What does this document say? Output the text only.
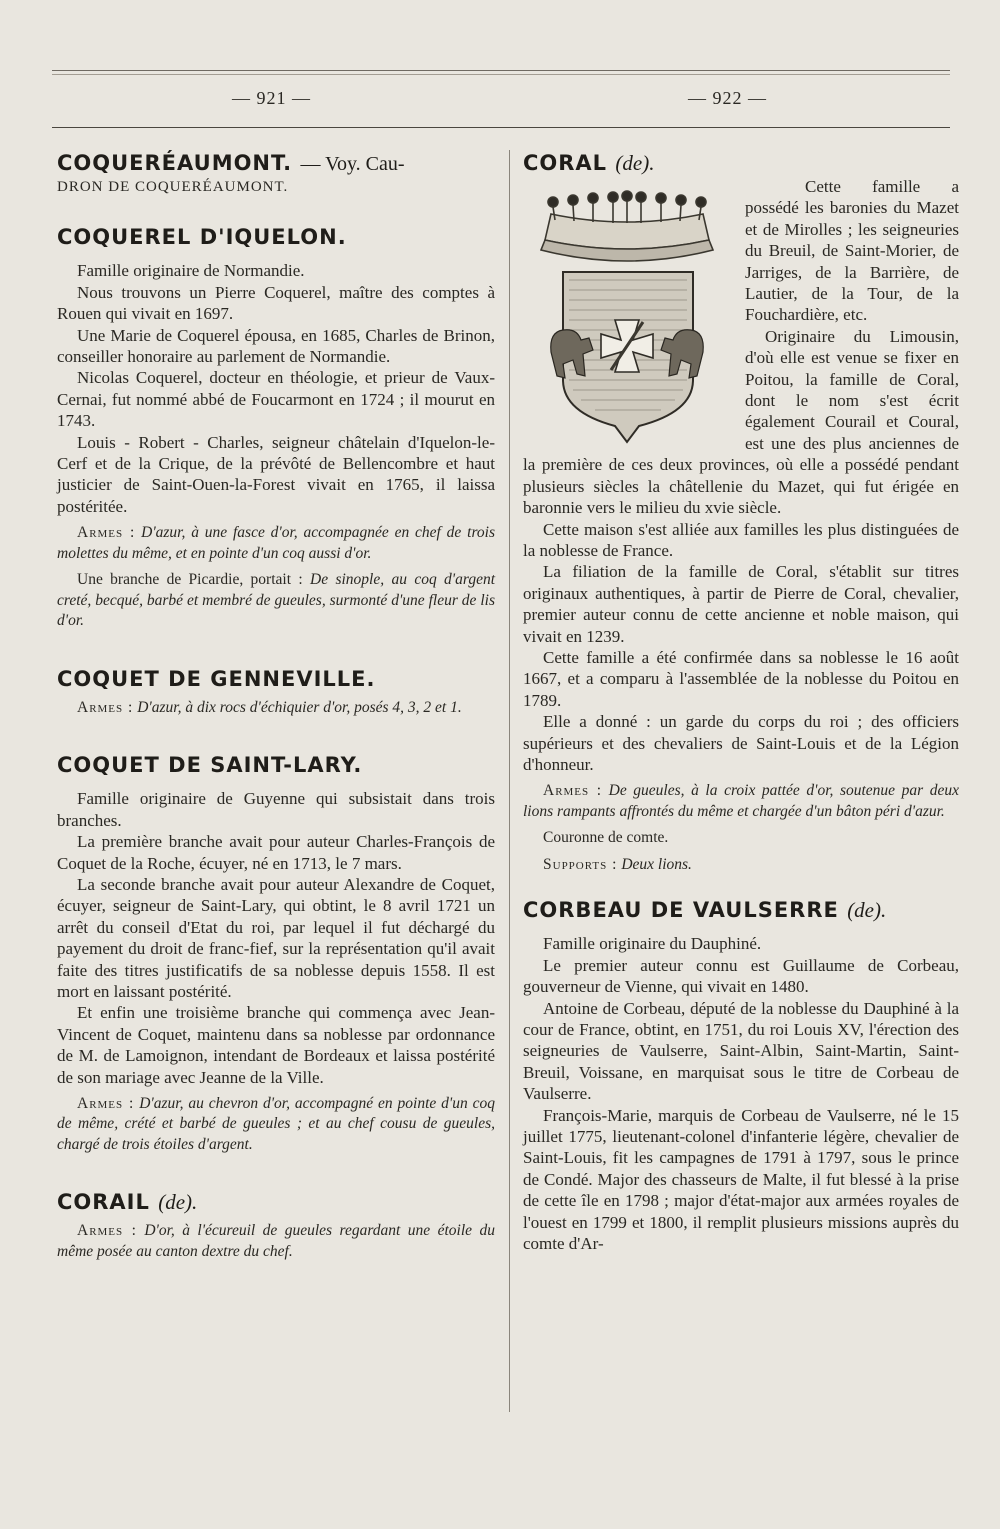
— 921 —	— 922 —
COQUERÉAUMONT. — Voy. Cau-
DRON DE COQUERÉAUMONT.
COQUEREL D'IQUELON.

Famille originaire de Normandie.

Nous trouvons un Pierre Coquerel, maître des comptes à Rouen qui vivait en 1697.

Une Marie de Coquerel épousa, en 1685, Charles de Brinon, conseiller honoraire au parlement de Normandie.

Nicolas Coquerel, docteur en théologie, et prieur de Vaux-Cernai, fut nommé abbé de Foucarmont en 1724 ; il mourut en 1743.

Louis - Robert - Charles, seigneur châtelain d'Iquelon-le-Cerf et de la Crique, de la prévôté de Bellencombre et haut justicier de Saint-Ouen-la-Forest vivait en 1765, il laissa postéritée.

Armes : D'azur, à une fasce d'or, accompagnée en chef de trois molettes du même, et en pointe d'un coq aussi d'or.

Une branche de Picardie, portait : De sinople, au coq d'argent creté, becqué, barbé et membré de gueules, surmonté d'une fleur de lis d'or.

COQUET DE GENNEVILLE.
Armes : D'azur, à dix rocs d'échiquier d'or, posés 4, 3, 2 et 1.
COQUET DE SAINT-LARY.

Famille originaire de Guyenne qui subsistait dans trois branches.

La première branche avait pour auteur Charles-François de Coquet de la Roche, écuyer, né en 1713, le 7 mars.

La seconde branche avait pour auteur Alexandre de Coquet, écuyer, seigneur de Saint-Lary, qui obtint, le 8 avril 1721 un arrêt du conseil d'Etat du roi, par lequel il fut déchargé du payement du droit de franc-fief, sur la représentation qu'il avait faite des titres justificatifs de sa noblesse depuis 1558. Il est mort en laissant postérité.

Et enfin une troisième branche qui commença avec Jean-Vincent de Coquet, maintenu dans sa noblesse par ordonnance de M. de Lamoignon, intendant de Bordeaux et laissa postérité de son mariage avec Jeanne de la Ville.

Armes : D'azur, au chevron d'or, accompagné en pointe d'un coq de même, crété et barbé de gueules ; et au chef cousu de gueules, chargé de trois étoiles d'argent.
CORAIL (de).
Armes : D'or, à l'écureuil de gueules regardant une étoile du même posée au canton dextre du chef.
CORAL (de).

Cette famille a possédé les baronies du Mazet et de Mirolles ; les seigneuries du Breuil, de Saint-Morier, de Jarriges, de la Barrière, de Lautier, de la Tour, de la Fouchardière, etc.

Originaire du Limousin, d'où elle est venue se fixer en Poitou, la famille de Coral, dont le nom s'est écrit également Courail et Coural, est une des plus anciennes de la première de ces deux provinces, où elle a possédé pendant plusieurs siècles la châtellenie du Mazet, qui fut érigée en baronnie vers le milieu du xvie siècle.

Cette maison s'est alliée aux familles les plus distinguées de la noblesse de France.

La filiation de la famille de Coral, s'établit sur titres originaux authentiques, à partir de Pierre de Coral, chevalier, premier auteur connu de cette ancienne et noble maison, qui vivait en 1239.

Cette famille a été confirmée dans sa noblesse le 16 août 1667, et a comparu à l'assemblée de la noblesse du Poitou en 1789.

Elle a donné : un garde du corps du roi ; des officiers supérieurs et des chevaliers de Saint-Louis et de la Légion d'honneur.

Armes : De gueules, à la croix pattée d'or, soutenue par deux lions rampants affrontés du même et chargée d'un bâton péri d'azur.

Couronne de comte.

Supports : Deux lions.

CORBEAU DE VAULSERRE (de).

Famille originaire du Dauphiné.

Le premier auteur connu est Guillaume de Corbeau, gouverneur de Vienne, qui vivait en 1480.

Antoine de Corbeau, député de la noblesse du Dauphiné à la cour de France, obtint, en 1751, du roi Louis XV, l'érection des seigneuries de Vaulserre, Saint-Albin, Saint-Martin, Saint-Breuil, Voissane, en marquisat sous le titre de Corbeau de Vaulserre.

François-Marie, marquis de Corbeau de Vaulserre, né le 15 juillet 1775, lieutenant-colonel d'infanterie légère, chevalier de Saint-Louis, fit les campagnes de 1791 à 1797, sous le prince de Condé. Major des chasseurs de Malte, il fut blessé à la prise de cette île en 1798 ; major d'état-major aux armées royales de l'ouest en 1799 et 1800, il remplit plusieurs missions auprès du comte d'Ar-
